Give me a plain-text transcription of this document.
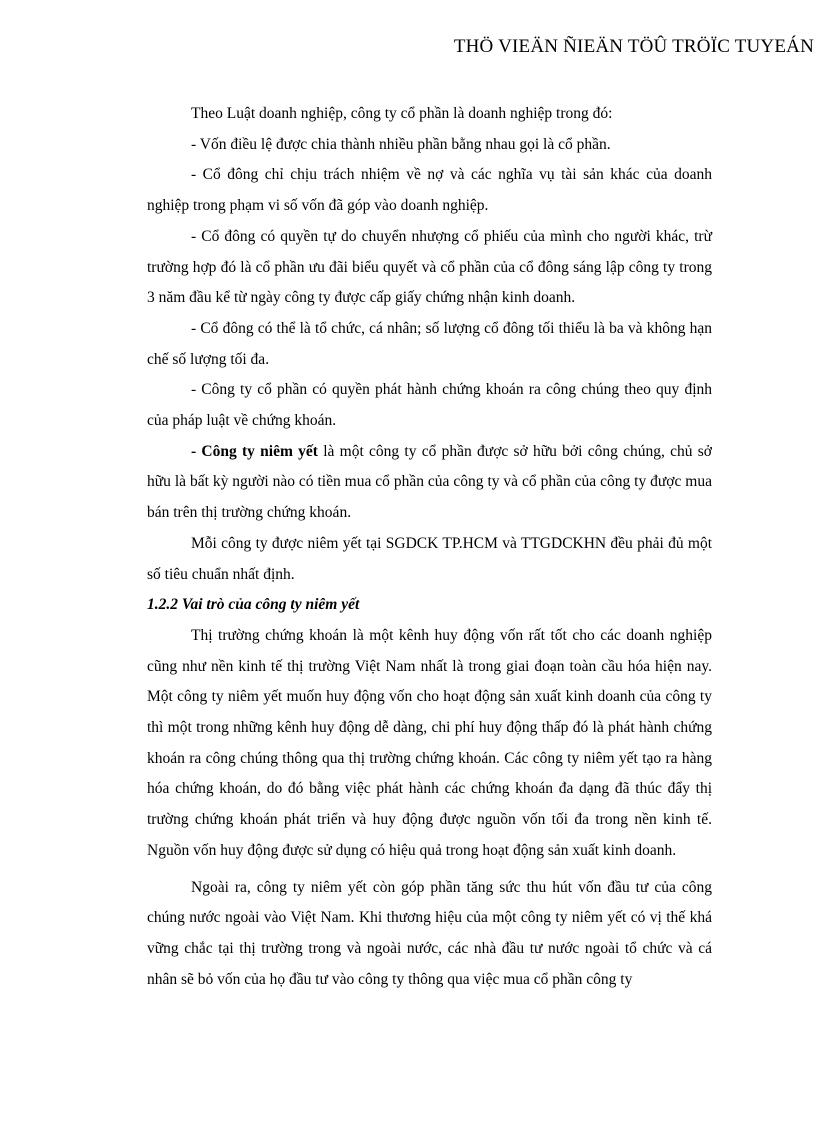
THÖ VIEÄN ÑIEÄN TÖÛ TRÖÏC TUYEÁN

Theo Luật doanh nghiệp, công ty cổ phần là doanh nghiệp trong đó:

- Vốn điều lệ được chia thành nhiều phần bằng nhau gọi là cổ phần.

- Cổ đông chỉ chịu trách nhiệm về nợ và các nghĩa vụ tài sản khác của doanh nghiệp trong phạm vi số vốn đã góp vào doanh nghiệp.

- Cổ đông có quyền tự do chuyển nhượng cổ phiếu của mình cho người khác, trừ trường hợp đó là cổ phần ưu đãi biểu quyết và cổ phần của cổ đông sáng lập công ty trong 3 năm đầu kể từ ngày công ty được cấp giấy chứng nhận kinh doanh.

- Cổ đông có thể là tổ chức, cá nhân; số lượng cổ đông tối thiểu là ba và không hạn chế số lượng tối đa.

- Công ty cổ phần có quyền phát hành chứng khoán ra công chúng theo quy định của pháp luật về chứng khoán.

- Công ty niêm yết là một công ty cổ phần được sở hữu bởi công chúng, chủ sở hữu là bất kỳ người nào có tiền mua cổ phần của công ty và cổ phần của công ty được mua bán trên thị trường chứng khoán.

Mỗi công ty được niêm yết tại SGDCK TP.HCM và TTGDCKHN đều phải đủ một số tiêu chuẩn nhất định.

1.2.2 Vai trò của công ty niêm yết

Thị trường chứng khoán là một kênh huy động vốn rất tốt cho các doanh nghiệp cũng như nền kinh tế thị trường Việt Nam nhất là trong giai đoạn toàn cầu hóa hiện nay. Một công ty niêm yết muốn huy động vốn cho hoạt động sản xuất kinh doanh của công ty thì một trong những kênh huy động dễ dàng, chi phí huy động thấp đó là phát hành chứng khoán ra công chúng thông qua thị trường chứng khoán. Các công ty niêm yết tạo ra hàng hóa chứng khoán, do đó bằng việc phát hành các chứng khoán đa dạng đã thúc đẩy thị trường chứng khoán phát triển và huy động được nguồn vốn tối đa trong nền kinh tế. Nguồn vốn huy động được sử dụng có hiệu quả trong hoạt động sản xuất kinh doanh.

Ngoài ra, công ty niêm yết còn góp phần tăng sức thu hút vốn đầu tư của công chúng nước ngoài vào Việt Nam. Khi thương hiệu của một công ty niêm yết có vị thế khá vững chắc tại thị trường trong và ngoài nước, các nhà đầu tư nước ngoài tổ chức và cá nhân sẽ bỏ vốn của họ đầu tư vào công ty thông qua việc mua cổ phần công ty
